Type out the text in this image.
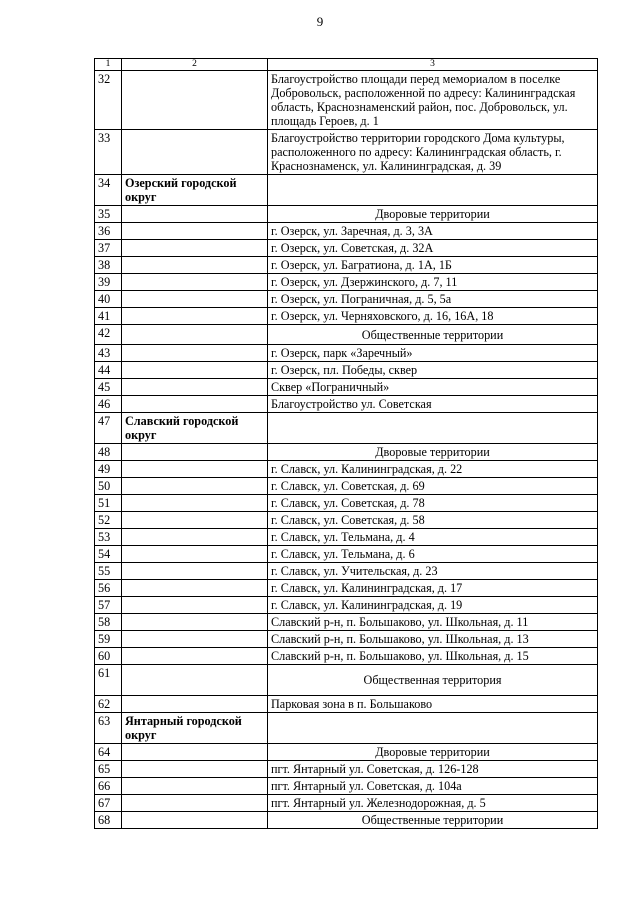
9
1	2	3
32		Благоустройство площади перед мемориалом в поселке Добровольск, расположенной по адресу: Калининградская область, Краснознаменский район, пос. Добровольск, ул. площадь Героев, д. 1
33		Благоустройство территории городского Дома культуры, расположенного по адресу: Калининградская область, г. Краснознаменск, ул. Калининградская, д. 39
34	Озерский городской округ	
35		Дворовые территории
36		г. Озерск, ул. Заречная, д. 3, 3А
37		г. Озерск, ул. Советская, д. 32А
38		г. Озерск, ул. Багратиона, д. 1А, 1Б
39		г. Озерск, ул. Дзержинского, д. 7, 11
40		г. Озерск, ул. Пограничная, д. 5, 5а
41		г. Озерск, ул. Черняховского, д. 16, 16А, 18
42		Общественные территории
43		г. Озерск, парк «Заречный»
44		г. Озерск, пл. Победы, сквер
45		Сквер «Пограничный»
46		Благоустройство ул. Советская
47	Славский городской округ	
48		Дворовые территории
49		г. Славск, ул. Калининградская, д. 22
50		г. Славск, ул. Советская, д. 69
51		г. Славск, ул. Советская, д. 78
52		г. Славск, ул. Советская, д. 58
53		г. Славск, ул. Тельмана, д. 4
54		г. Славск, ул. Тельмана, д. 6
55		г. Славск, ул. Учительская, д. 23
56		г. Славск, ул. Калининградская, д. 17
57		г. Славск, ул. Калининградская, д. 19
58		Славский р-н, п. Большаково, ул. Школьная, д. 11
59		Славский р-н, п. Большаково, ул. Школьная, д. 13
60		Славский р-н, п. Большаково, ул. Школьная, д. 15
61		Общественная территория
62		Парковая зона в п. Большаково
63	Янтарный городской округ	
64		Дворовые территории
65		пгт. Янтарный ул. Советская, д. 126-128
66		пгт. Янтарный ул. Советская, д. 104а
67		пгт. Янтарный ул. Железнодорожная, д. 5
68		Общественные территории
